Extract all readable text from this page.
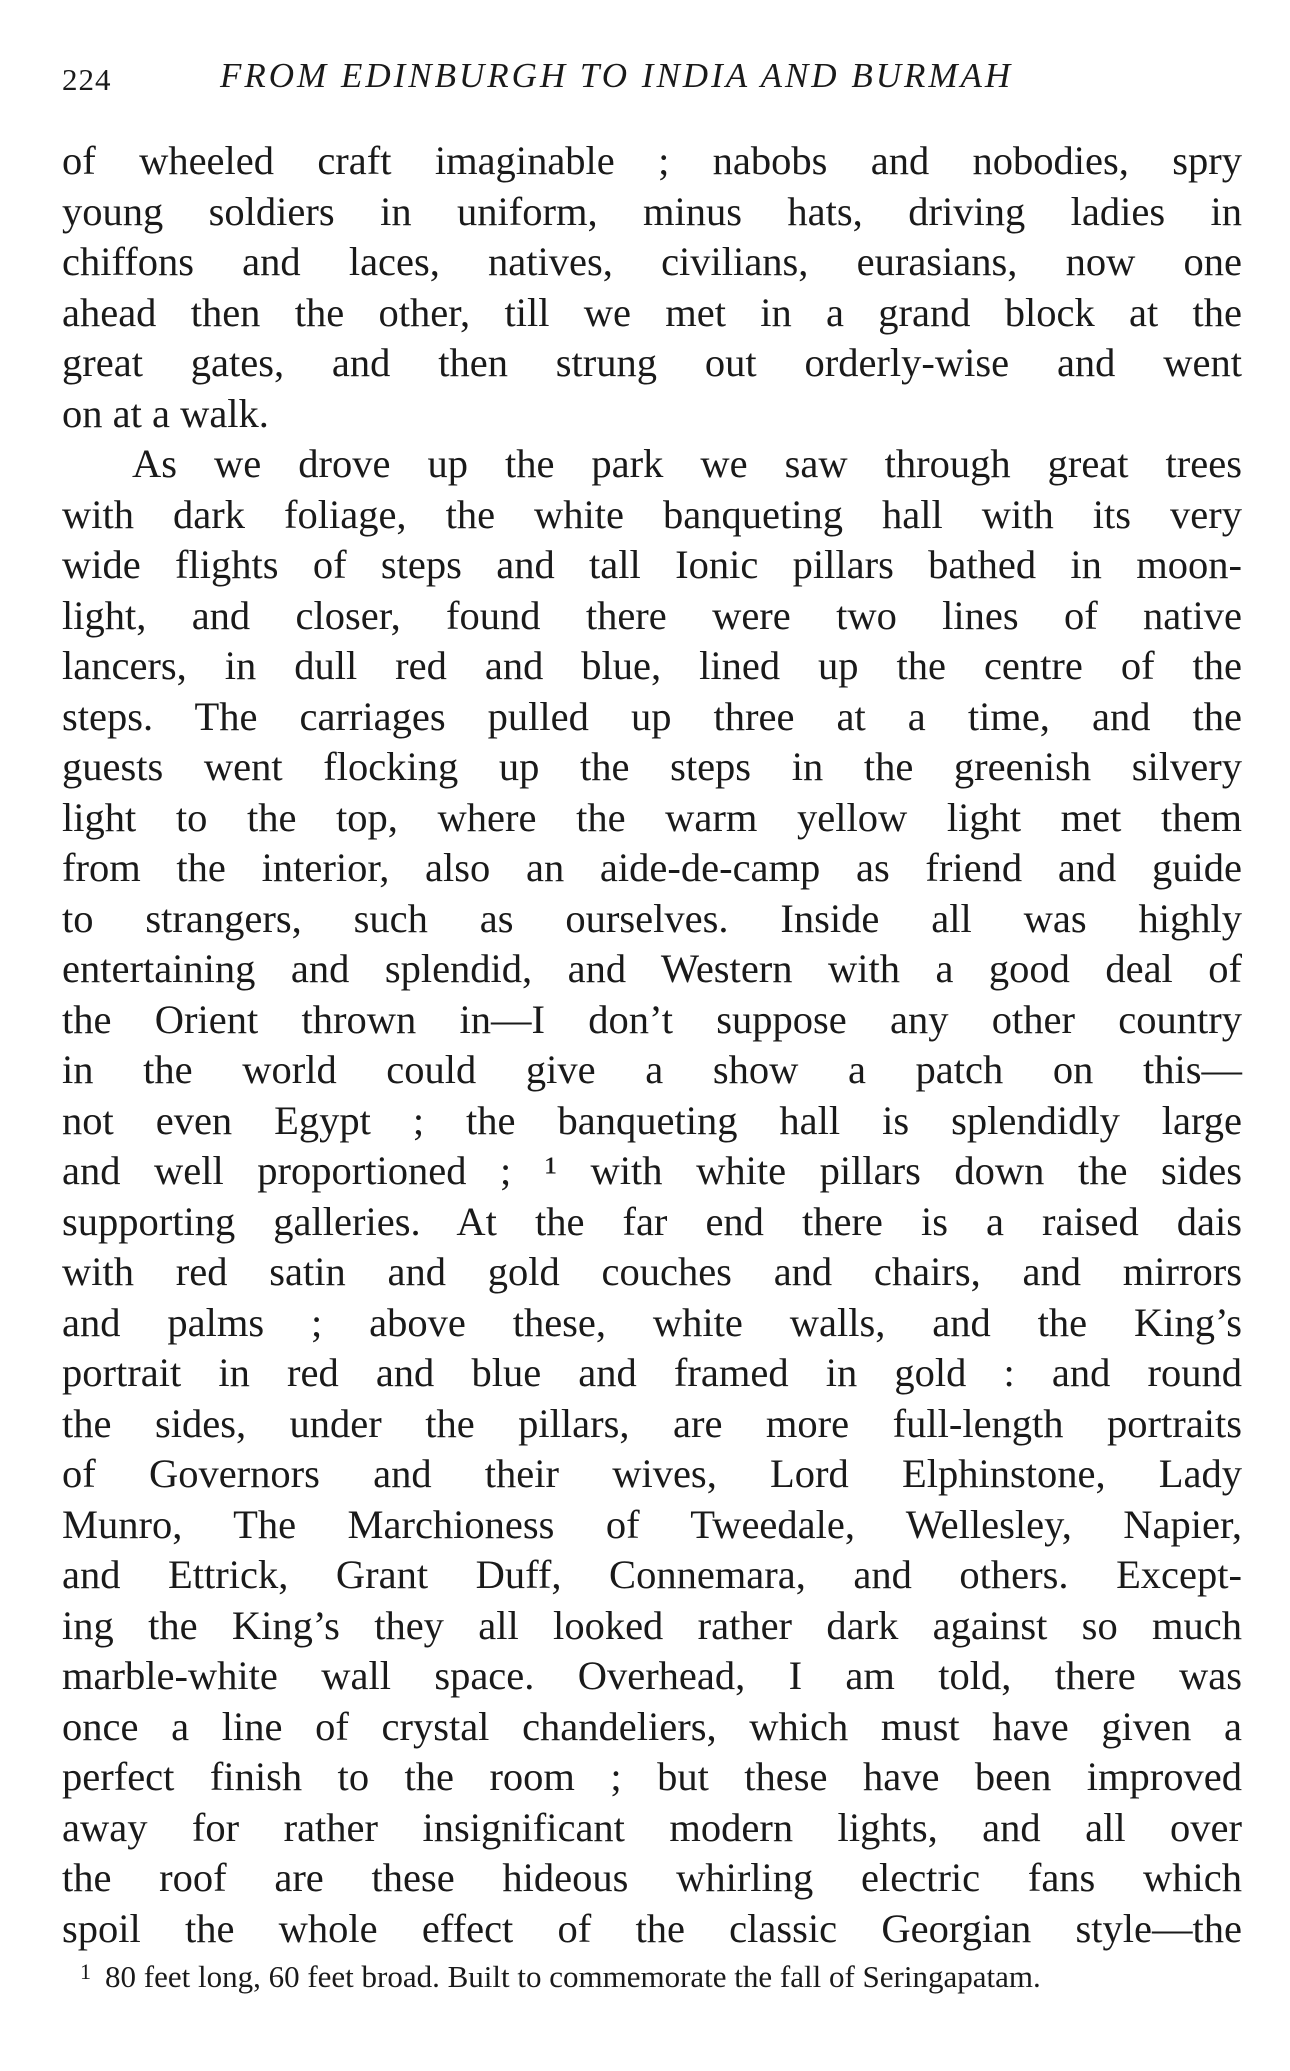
224	FROM EDINBURGH TO INDIA AND BURMAH
of wheeled craft imaginable ; nabobs and nobodies, spry
young soldiers in uniform, minus hats, driving ladies in
chiffons and laces, natives, civilians, eurasians, now one
ahead then the other, till we met in a grand block at the
great gates, and then strung out orderly-wise and went
on at a walk.
As we drove up the park we saw through great trees
with dark foliage, the white banqueting hall with its very
wide flights of steps and tall Ionic pillars bathed in moon-
light, and closer, found there were two lines of native
lancers, in dull red and blue, lined up the centre of the
steps. The carriages pulled up three at a time, and the
guests went flocking up the steps in the greenish silvery
light to the top, where the warm yellow light met them
from the interior, also an aide-de-camp as friend and guide
to strangers, such as ourselves. Inside all was highly
entertaining and splendid, and Western with a good deal of
the Orient thrown in—I don’t suppose any other country
in the world could give a show a patch on this—
not even Egypt ; the banqueting hall is splendidly large
and well proportioned ; ¹ with white pillars down the sides
supporting galleries. At the far end there is a raised dais
with red satin and gold couches and chairs, and mirrors
and palms ; above these, white walls, and the King’s
portrait in red and blue and framed in gold : and round
the sides, under the pillars, are more full-length portraits
of Governors and their wives, Lord Elphinstone, Lady
Munro, The Marchioness of Tweedale, Wellesley, Napier,
and Ettrick, Grant Duff, Connemara, and others. Except-
ing the King’s they all looked rather dark against so much
marble-white wall space. Overhead, I am told, there was
once a line of crystal chandeliers, which must have given a
perfect finish to the room ; but these have been improved
away for rather insignificant modern lights, and all over
the roof are these hideous whirling electric fans which
spoil the whole effect of the classic Georgian style—the
$^1$ 80 feet long, 60 feet broad. Built to commemorate the fall of Seringapatam.
